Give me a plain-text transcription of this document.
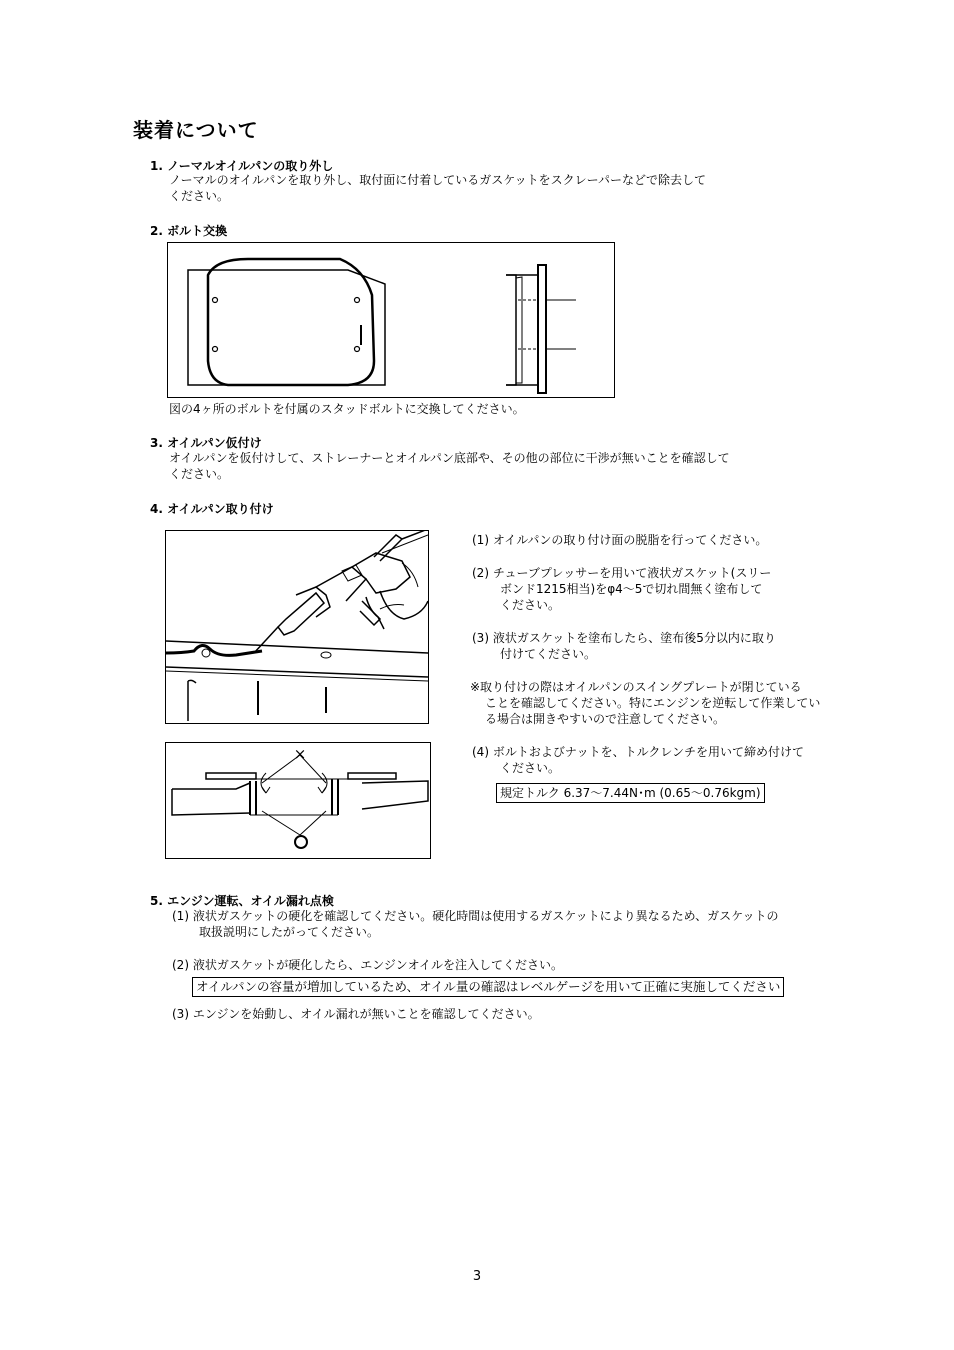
装着について
1. ノーマルオイルパンの取り外し
ノーマルのオイルパンを取り外し、取付面に付着しているガスケットをスクレーパーなどで除去して
ください。
2. ボルト交換
図の4ヶ所のボルトを付属のスタッドボルトに交換してください。
3. オイルパン仮付け
オイルパンを仮付けして、ストレーナーとオイルパン底部や、その他の部位に干渉が無いことを確認して
ください。
4. オイルパン取り付け
×
(1) オイルパンの取り付け面の脱脂を行ってください。
(2) チューブプレッサーを用いて液状ガスケット(スリー
ボンド1215相当)をφ4～5で切れ間無く塗布して
ください。
(3) 液状ガスケットを塗布したら、塗布後5分以内に取り
付けてください。
※取り付けの際はオイルパンのスイングプレートが閉じている
ことを確認してください。特にエンジンを逆転して作業してい
る場合は開きやすいので注意してください。
(4) ボルトおよびナットを、トルクレンチを用いて締め付けて
ください。
規定トルク 6.37～7.44N･m (0.65～0.76kgm)
5. エンジン運転、オイル漏れ点検
(1) 液状ガスケットの硬化を確認してください。硬化時間は使用するガスケットにより異なるため、ガスケットの
取扱説明にしたがってください。
(2) 液状ガスケットが硬化したら、エンジンオイルを注入してください。
オイルパンの容量が増加しているため、オイル量の確認はレベルゲージを用いて正確に実施してください
(3) エンジンを始動し、オイル漏れが無いことを確認してください。
3
